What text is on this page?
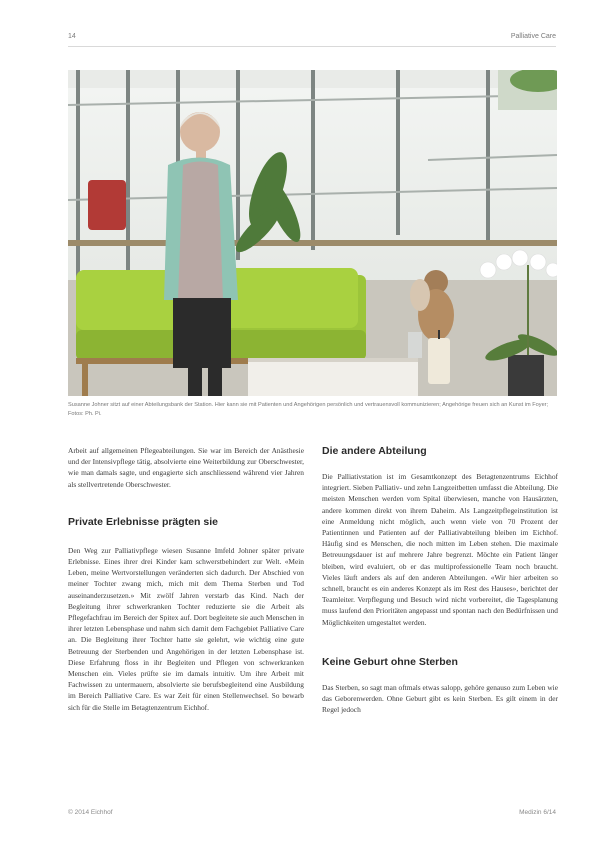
14	Palliative Care
Susanne Johner sitzt auf einer Abteilungsbank der Station. Hier kann sie mit Patienten und Angehörigen persönlich und vertrauensvoll kommunizieren; Angehörige freuen sich an Kunst im Foyer; Fotos: Ph. Pi.

Arbeit auf allgemeinen Pflegeabteilungen. Sie war im Bereich der Anästhesie und der Intensivpflege tätig, absolvierte eine Weiterbildung zur Oberschwester, wie man damals sagte, und engagierte sich anschliessend während vier Jahren als stellvertretende Oberschwester.

Private Erlebnisse prägten sie

Den Weg zur Palliativpflege wiesen Susanne Imfeld Johner später private Erlebnisse. Eines ihrer drei Kinder kam schwerstbehindert zur Welt. «Mein Leben, meine Wertvorstellungen veränderten sich dadurch. Der Abschied von meiner Tochter zwang mich, mich mit dem Thema Sterben und Tod auseinanderzusetzen.» Mit zwölf Jahren verstarb das Kind. Nach der Begleitung ihrer schwerkranken Tochter reduzierte sie die Arbeit als Pflegefachfrau im Bereich der Spitex auf. Dort begleitete sie auch Menschen in ihrer letzten Lebensphase und nahm sich damit dem Fachgebiet Palliative Care an. Die Begleitung ihrer Tochter hatte sie gelehrt, wie wichtig eine gute Betreuung der Sterbenden und Angehörigen in der letzten Lebensphase ist. Diese Erfahrung floss in ihr Begleiten und Pflegen von schwerkranken Menschen ein. Vieles prüfte sie im damals intuitiv. Um ihre Arbeit mit Fachwissen zu untermauern, absolvierte sie berufsbegleitend eine Ausbildung im Bereich Palliative Care. Es war Zeit für einen Stellenwechsel. So bewarb sich für die Stelle im Betagtenzentrum Eichhof.

Die andere Abteilung

Die Palliativstation ist im Gesamtkonzept des Betagtenzentrums Eichhof integriert. Sieben Palliativ- und zehn Langzeitbetten umfasst die Abteilung. Die meisten Menschen werden vom Spital überwiesen, manche von Hausärzten, andere kommen direkt von ihrem Daheim. Als Langzeitpflegeinstitution ist eine Anmeldung nicht möglich, auch wenn viele von 70 Prozent der Patientinnen und Patienten auf der Palliativabteilung bleiben im Eichhof. Häufig sind es Menschen, die noch mitten im Leben stehen. Die maximale Betreuungsdauer ist auf mehrere Jahre begrenzt. Möchte ein Patient länger bleiben, wird evaluiert, ob er das multiprofessionelle Team noch braucht. Vieles läuft anders als auf den anderen Abteilungen. «Wir hier arbeiten so schnell, braucht es ein anderes Konzept als im Rest des Hauses», berichtet der Teamleiter. Verpflegung und Besuch wird nicht vorbereitet, die Tagesplanung muss laufend den Prioritäten angepasst und spontan nach den Bedürfnissen und Möglichkeiten umgestaltet werden.

Keine Geburt ohne Sterben

Das Sterben, so sagt man oftmals etwas salopp, gehöre genauso zum Leben wie das Geborenwerden. Ohne Geburt gibt es kein Sterben. Es gilt einem in der Regel jedoch

© 2014 Eichhof	Medizin 6/14
